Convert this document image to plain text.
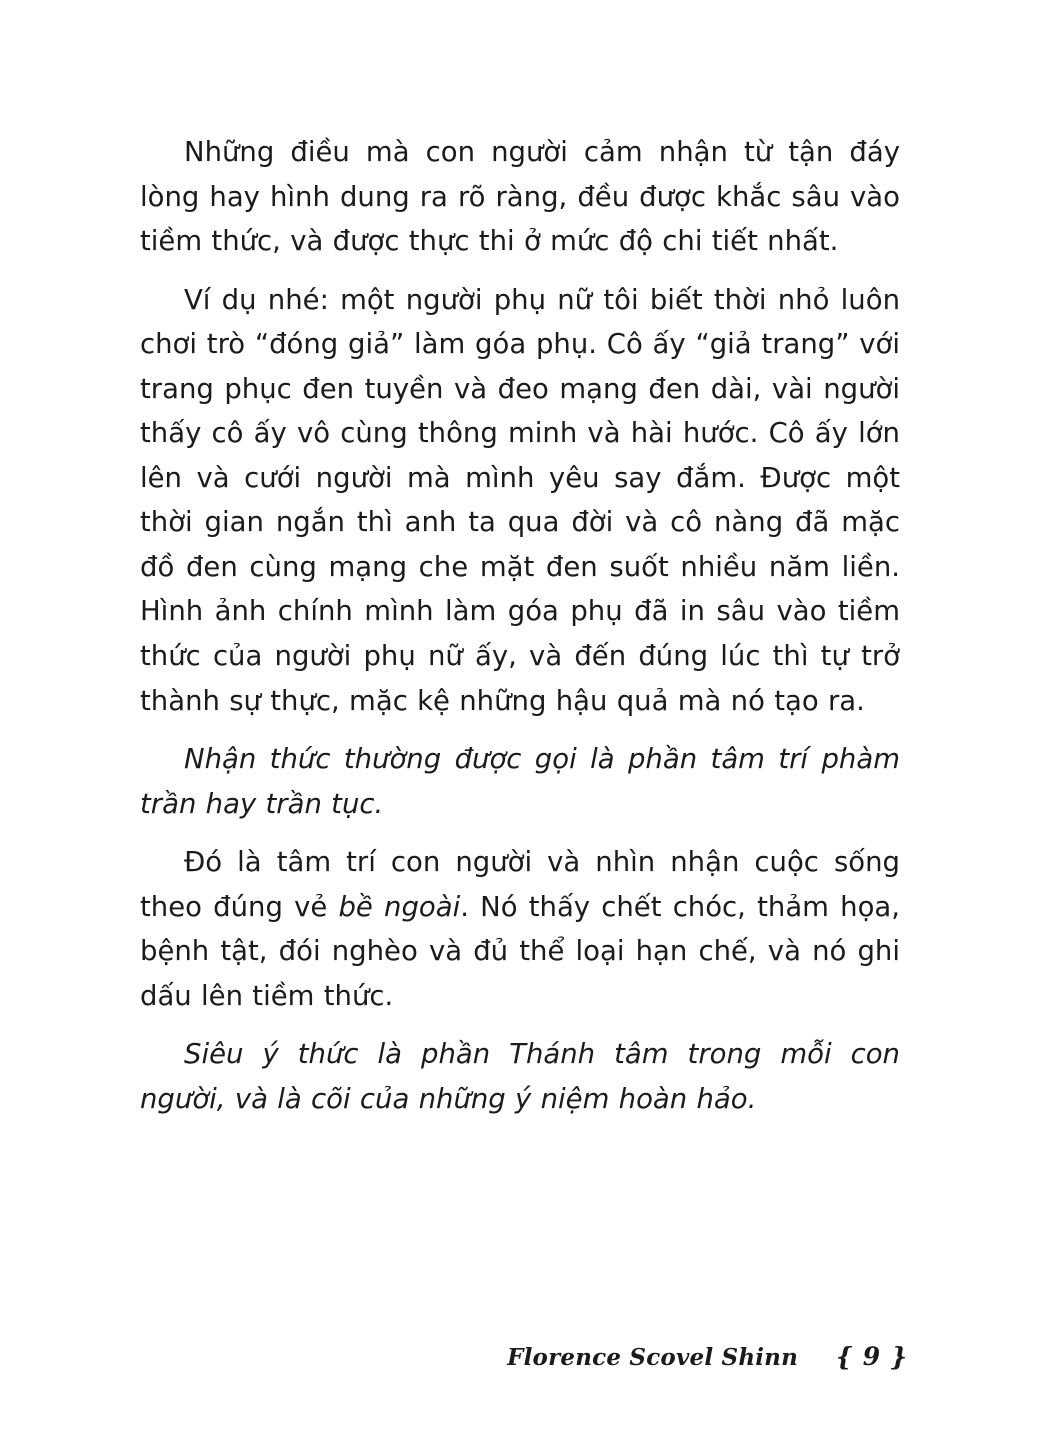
Những điều mà con người cảm nhận từ tận đáy lòng hay hình dung ra rõ ràng, đều được khắc sâu vào tiềm thức, và được thực thi ở mức độ chi tiết nhất.

Ví dụ nhé: một người phụ nữ tôi biết thời nhỏ luôn chơi trò “đóng giả” làm góa phụ. Cô ấy “giả trang” với trang phục đen tuyền và đeo mạng đen dài, vài người thấy cô ấy vô cùng thông minh và hài hước. Cô ấy lớn lên và cưới người mà mình yêu say đắm. Được một thời gian ngắn thì anh ta qua đời và cô nàng đã mặc đồ đen cùng mạng che mặt đen suốt nhiều năm liền. Hình ảnh chính mình làm góa phụ đã in sâu vào tiềm thức của người phụ nữ ấy, và đến đúng lúc thì tự trở thành sự thực, mặc kệ những hậu quả mà nó tạo ra.

Nhận thức thường được gọi là phần tâm trí phàm trần hay trần tục.

Đó là tâm trí con người và nhìn nhận cuộc sống theo đúng vẻ bề ngoài. Nó thấy chết chóc, thảm họa, bệnh tật, đói nghèo và đủ thể loại hạn chế, và nó ghi dấu lên tiềm thức.

Siêu ý thức là phần Thánh tâm trong mỗi con người, và là cõi của những ý niệm hoàn hảo.

Florence Scovel Shinn { 9 }
